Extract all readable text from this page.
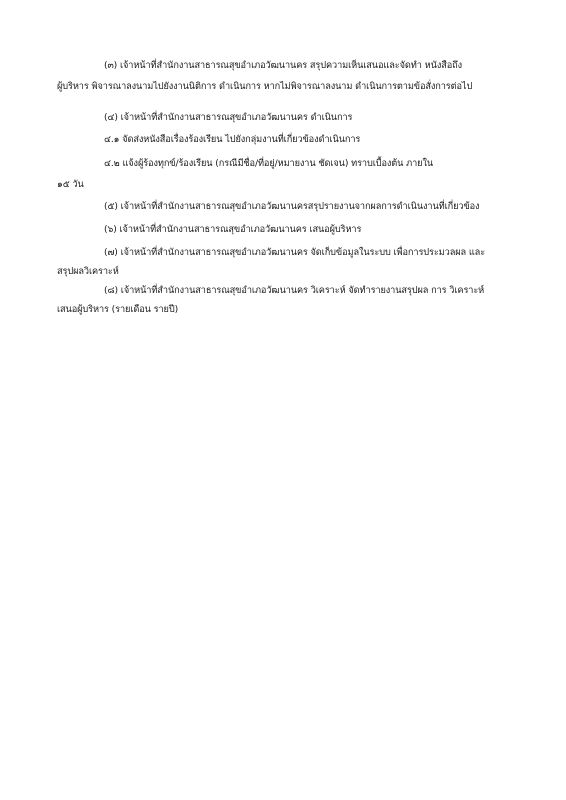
(๓) เจ้าหน้าที่สำนักงานสาธารณสุขอำเภอวัฒนานคร สรุปความเห็นเสนอและจัดทำ หนังสือถึง
ผู้บริหาร พิจารณาลงนามไปยังงานนิติการ ดำเนินการ หากไม่พิจารณาลงนาม ดำเนินการตามข้อสั่งการต่อไป
(๔) เจ้าหน้าที่สำนักงานสาธารณสุขอำเภอวัฒนานคร ดำเนินการ
๔.๑ จัดส่งหนังสือเรื่องร้องเรียน ไปยังกลุ่มงานที่เกี่ยวข้องดำเนินการ
๔.๒ แจ้งผู้ร้องทุกข์/ร้องเรียน (กรณีมีชื่อ/ที่อยู่/หมายงาน ชัดเจน) ทราบเบื้องต้น ภายใน
๑๕ วัน
(๕) เจ้าหน้าที่สำนักงานสาธารณสุขอำเภอวัฒนานครสรุปรายงานจากผลการดำเนินงานที่เกี่ยวข้อง
(๖) เจ้าหน้าที่สำนักงานสาธารณสุขอำเภอวัฒนานคร เสนอผู้บริหาร
(๗) เจ้าหน้าที่สำนักงานสาธารณสุขอำเภอวัฒนานคร จัดเก็บข้อมูลในระบบ เพื่อการประมวลผล และ
สรุปผลวิเคราะห์
(๘) เจ้าหน้าที่สำนักงานสาธารณสุขอำเภอวัฒนานคร วิเคราะห์ จัดทำรายงานสรุปผล การ วิเคราะห์
เสนอผู้บริหาร (รายเดือน รายปี)
